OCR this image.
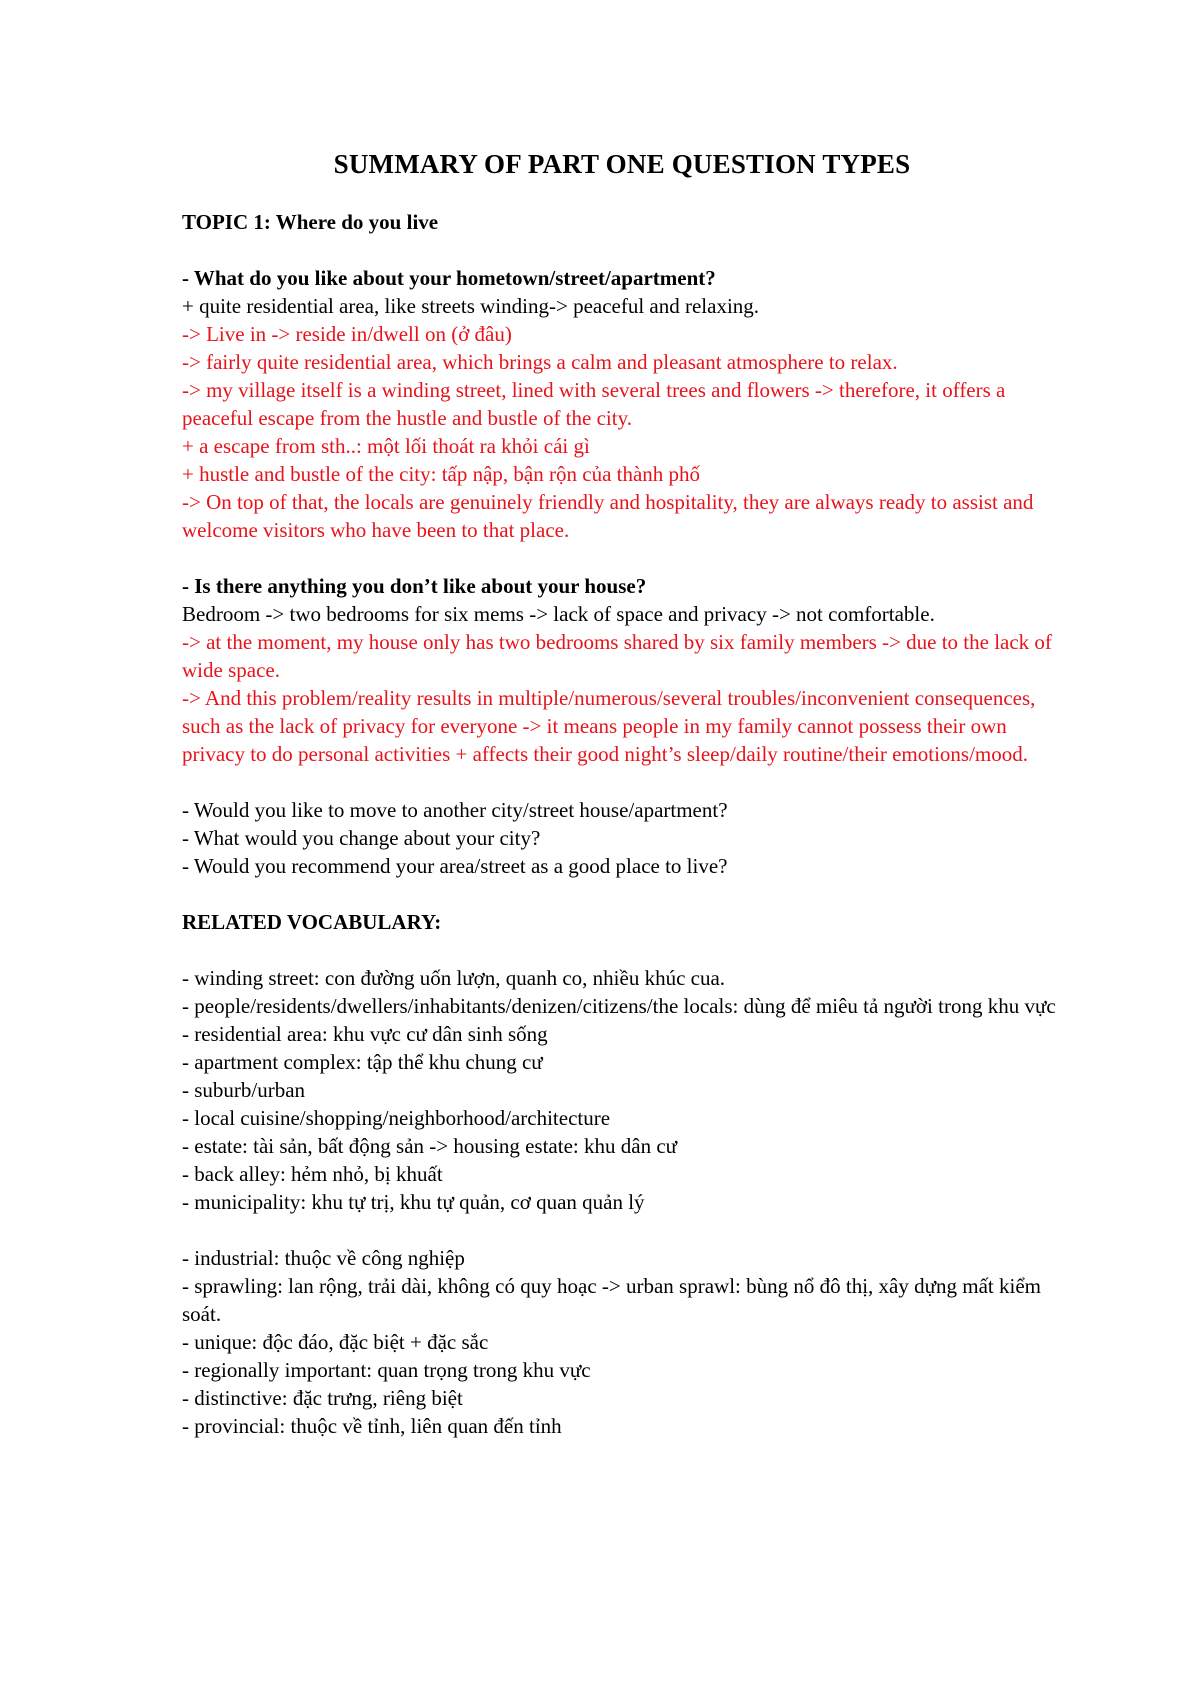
SUMMARY OF PART ONE QUESTION TYPES
TOPIC 1: Where do you live

- What do you like about your hometown/street/apartment?

+ quite residential area, like streets winding-> peaceful and relaxing.

-> Live in -> reside in/dwell on (ở đâu)

-> fairly quite residential area, which brings a calm and pleasant atmosphere to relax.

-> my village itself is a winding street, lined with several trees and flowers -> therefore, it offers a peaceful escape from the hustle and bustle of the city.

+ a escape from sth..: một lối thoát ra khỏi cái gì

+ hustle and bustle of the city: tấp nập, bận rộn của thành phố

-> On top of that, the locals are genuinely friendly and hospitality, they are always ready to assist and welcome visitors who have been to that place.

- Is there anything you don’t like about your house?

Bedroom -> two bedrooms for six mems -> lack of space and privacy -> not comfortable.

-> at the moment, my house only has two bedrooms shared by six family members -> due to the lack of wide space.

-> And this problem/reality results in multiple/numerous/several troubles/inconvenient consequences, such as the lack of privacy for everyone -> it means people in my family cannot possess their own privacy to do personal activities + affects their good night’s sleep/daily routine/their emotions/mood.

- Would you like to move to another city/street house/apartment?

- What would you change about your city?

- Would you recommend your area/street as a good place to live?

RELATED VOCABULARY:

- winding street: con đường uốn lượn, quanh co, nhiều khúc cua.

- people/residents/dwellers/inhabitants/denizen/citizens/the locals: dùng để miêu tả người trong khu vực

- residential area: khu vực cư dân sinh sống

- apartment complex: tập thể khu chung cư

- suburb/urban

- local cuisine/shopping/neighborhood/architecture

- estate: tài sản, bất động sản -> housing estate: khu dân cư

- back alley: hẻm nhỏ, bị khuất

- municipality: khu tự trị, khu tự quản, cơ quan quản lý

- industrial: thuộc về công nghiệp

- sprawling: lan rộng, trải dài, không có quy hoạc -> urban sprawl: bùng nổ đô thị, xây dựng mất kiểm soát.

- unique: độc đáo, đặc biệt + đặc sắc

- regionally important: quan trọng trong khu vực

- distinctive: đặc trưng, riêng biệt

- provincial: thuộc về tỉnh, liên quan đến tỉnh
